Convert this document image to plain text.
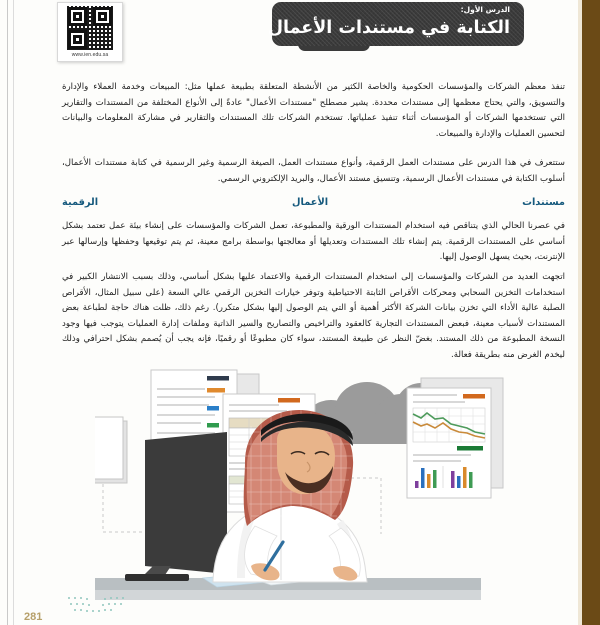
www.ien.edu.sa
الدرس الأول:
الكتابة في مستندات الأعمال

تنفذ معظم الشركات والمؤسسات الحكومية والخاصة الكثير من الأنشطة المتعلقة بطبيعة عملها مثل: المبيعات وخدمة العملاء والإدارة والتسويق، والتي يحتاج معظمها إلى مستندات محددة. يشير مصطلح "مستندات الأعمال" عادةً إلى الأنواع المختلفة من المستندات والتقارير التي تستخدمها الشركات أو المؤسسات أثناء تنفيذ عملياتها. تستخدم الشركات تلك المستندات والتقارير في مشاركة المعلومات والبيانات لتحسين العمليات والإدارة والمبيعات.

ستتعرف في هذا الدرس على مستندات العمل الرقمية، وأنواع مستندات العمل، الصيغة الرسمية وغير الرسمية في كتابة مستندات الأعمال، أسلوب الكتابة في مستندات الأعمال الرسمية، وتنسيق مستند الأعمال، والبريد الإلكتروني الرسمي.

مستندات الأعمال الرقمية

في عصرنا الحالي الذي يتناقص فيه استخدام المستندات الورقية والمطبوعة، تعمل الشركات والمؤسسات على إنشاء بيئة عمل تعتمد بشكل أساسي على المستندات الرقمية. يتم إنشاء تلك المستندات وتعديلها أو معالجتها بواسطة برامج معينة، ثم يتم توقيعها وحفظها وإرسالها عبر الإنترنت، بحيث يسهل الوصول إليها.

اتجهت العديد من الشركات والمؤسسات إلى استخدام المستندات الرقمية والاعتماد عليها بشكل أساسي، وذلك بسبب الانتشار الكبير في استخدامات التخزين السحابي ومحركات الأقراص الثابتة الاحتياطية وتوفر خيارات التخزين الرقمي عالي السعة (على سبيل المثال، الأقراص الصلبة عالية الأداء التي تخزن بيانات الشركة الأكثر أهمية أو التي يتم الوصول إليها بشكل متكرر). رغم ذلك، ظلت هناك حاجة لطباعة بعض المستندات لأسباب معينة، فبعض المستندات التجارية كالعقود والتراخيص والتصاريح والسير الذاتية وملفات إدارة العمليات يتوجب فيها وجود النسخة المطبوعة من ذلك المستند. بغضّ النظر عن طبيعة المستند، سواء كان مطبوعًا أو رقميًا، فإنه يجب أن يُصمم بشكل احترافي وذلك ليخدم الغرض منه بطريقة فعالة.

281
